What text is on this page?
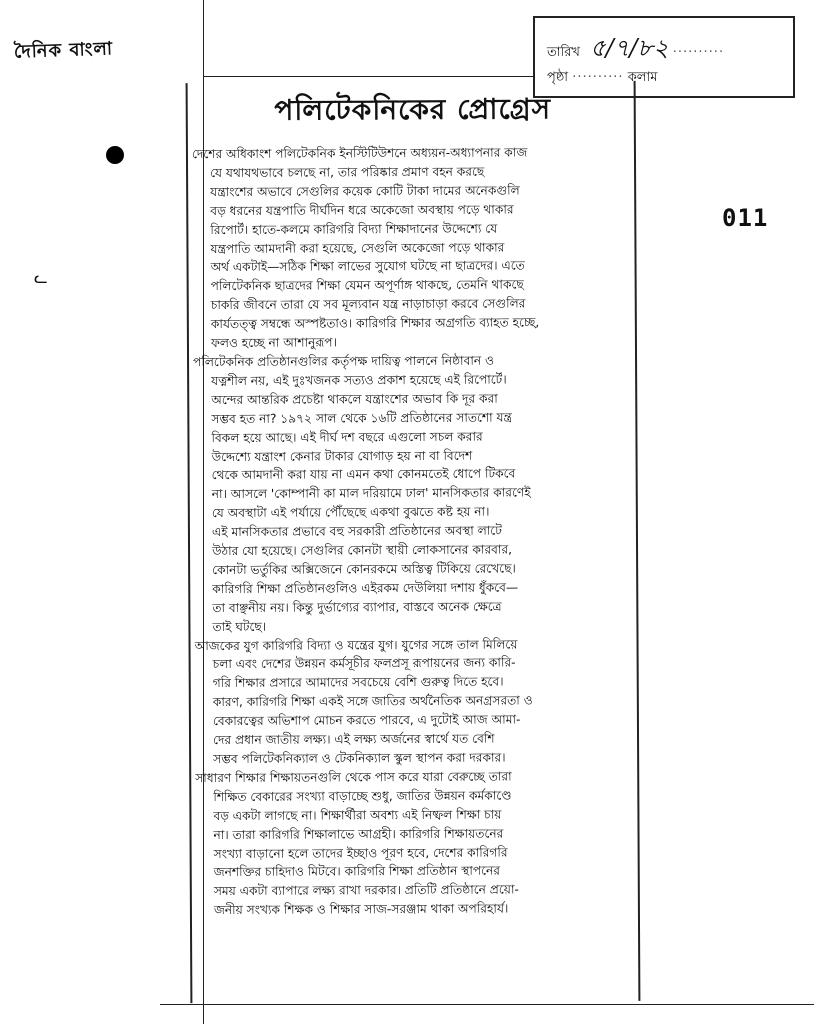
দৈনিক বাংলা
ᓚ
তারিখ ৫/৭/৮২ ··········
পৃষ্ঠা ·········· কলাম
011
পলিটেকনিকের প্রোগ্রেস
দেশের অধিকাংশ পলিটেকনিক ইনস্টিটিউশনে অধ্যয়ন-অধ্যাপনার কাজ
যে যথাযথভাবে চলছে না, তার পরিষ্কার প্রমাণ বহন করছে
যন্ত্রাংশের অভাবে সেগুলির কয়েক কোটি টাকা দামের অনেকগুলি
বড় ধরনের যন্ত্রপাতি দীর্ঘদিন ধরে অকেজো অবস্থায় পড়ে থাকার
রিপোর্ট। হাতে-কলমে কারিগরি বিদ্যা শিক্ষাদানের উদ্দেশ্যে যে
যন্ত্রপাতি আমদানী করা হয়েছে, সেগুলি অকেজো পড়ে থাকার
অর্থ একটাই—সঠিক শিক্ষা লাভের সুযোগ ঘটছে না ছাত্রদের। এতে
পলিটেকনিক ছাত্রদের শিক্ষা যেমন অপূর্ণাঙ্গ থাকছে, তেমনি থাকছে
চাকরি জীবনে তারা যে সব মূল্যবান যন্ত্র নাড়াচাড়া করবে সেগুলির
কার্যতত্ত্ব সম্বন্ধে অস্পষ্টতাও। কারিগরি শিক্ষার অগ্রগতি ব্যাহত হচ্ছে,
ফলও হচ্ছে না আশানুরূপ।
পলিটেকনিক প্রতিষ্ঠানগুলির কর্তৃপক্ষ দায়িত্ব পালনে নিষ্ঠাবান ও
যত্নশীল নয়, এই দুঃখজনক সত্যও প্রকাশ হয়েছে এই রিপোর্টে।
অন্দের আন্তরিক প্রচেষ্টা থাকলে যন্ত্রাংশের অভাব কি দূর করা
সম্ভব হত না? ১৯৭২ সাল থেকে ১৬টি প্রতিষ্ঠানের সাতশো যন্ত্র
বিকল হয়ে আছে। এই দীর্ঘ দশ বছরে এগুলো সচল করার
উদ্দেশ্যে যন্ত্রাংশ কেনার টাকার যোগাড় হয় না বা বিদেশ
থেকে আমদানী করা যায় না এমন কথা কোনমতেই ধোপে টিকবে
না। আসলে 'কোম্পানী কা মাল দরিয়ামে ঢাল' মানসিকতার কারণেই
যে অবস্থাটা এই পর্যায়ে পৌঁছেছে একথা বুঝতে কষ্ট হয় না।
এই মানসিকতার প্রভাবে বহু সরকারী প্রতিষ্ঠানের অবস্থা লাটে
উঠার যো হয়েছে। সেগুলির কোনটা স্থায়ী লোকসানের কারবার,
কোনটা ভর্তুকির অক্সিজেনে কোনরকমে অস্তিত্ব টিকিয়ে রেখেছে।
কারিগরি শিক্ষা প্রতিষ্ঠানগুলিও এইরকম দেউলিয়া দশায় ধুঁকবে—
তা বাঞ্ছনীয় নয়। কিন্তু দুর্ভাগ্যের ব্যাপার, বাস্তবে অনেক ক্ষেত্রে
তাই ঘটছে।
আজকের যুগ কারিগরি বিদ্যা ও যন্ত্রের যুগ। যুগের সঙ্গে তাল মিলিয়ে
চলা এবং দেশের উন্নয়ন কর্মসূচীর ফলপ্রসূ রূপায়নের জন্য কারি-
গরি শিক্ষার প্রসারে আমাদের সবচেয়ে বেশি গুরুত্ব দিতে হবে।
কারণ, কারিগরি শিক্ষা একই সঙ্গে জাতির অর্থনৈতিক অনগ্রসরতা ও
বেকারত্বের অভিশাপ মোচন করতে পারবে, এ দুটোই আজ আমা-
দের প্রধান জাতীয় লক্ষ্য। এই লক্ষ্য অর্জনের স্বার্থে যত বেশি
সম্ভব পলিটেকনিক্যাল ও টেকনিক্যাল স্কুল স্থাপন করা দরকার।
সাধারণ শিক্ষার শিক্ষায়তনগুলি থেকে পাস করে যারা বেরুচ্ছে তারা
শিক্ষিত বেকারের সংখ্যা বাড়াচ্ছে শুধু, জাতির উন্নয়ন কর্মকাণ্ডে
বড় একটা লাগছে না। শিক্ষার্থীরা অবশ্য এই নিষ্ফল শিক্ষা চায়
না। তারা কারিগরি শিক্ষালাভে আগ্রহী। কারিগরি শিক্ষায়তনের
সংখ্যা বাড়ানো হলে তাদের ইচ্ছাও পূরণ হবে, দেশের কারিগরি
জনশক্তির চাহিদাও মিটবে। কারিগরি শিক্ষা প্রতিষ্ঠান স্থাপনের
সময় একটা ব্যাপারে লক্ষ্য রাখা দরকার। প্রতিটি প্রতিষ্ঠানে প্রয়ো-
জনীয় সংখ্যক শিক্ষক ও শিক্ষার সাজ-সরঞ্জাম থাকা অপরিহার্য।
